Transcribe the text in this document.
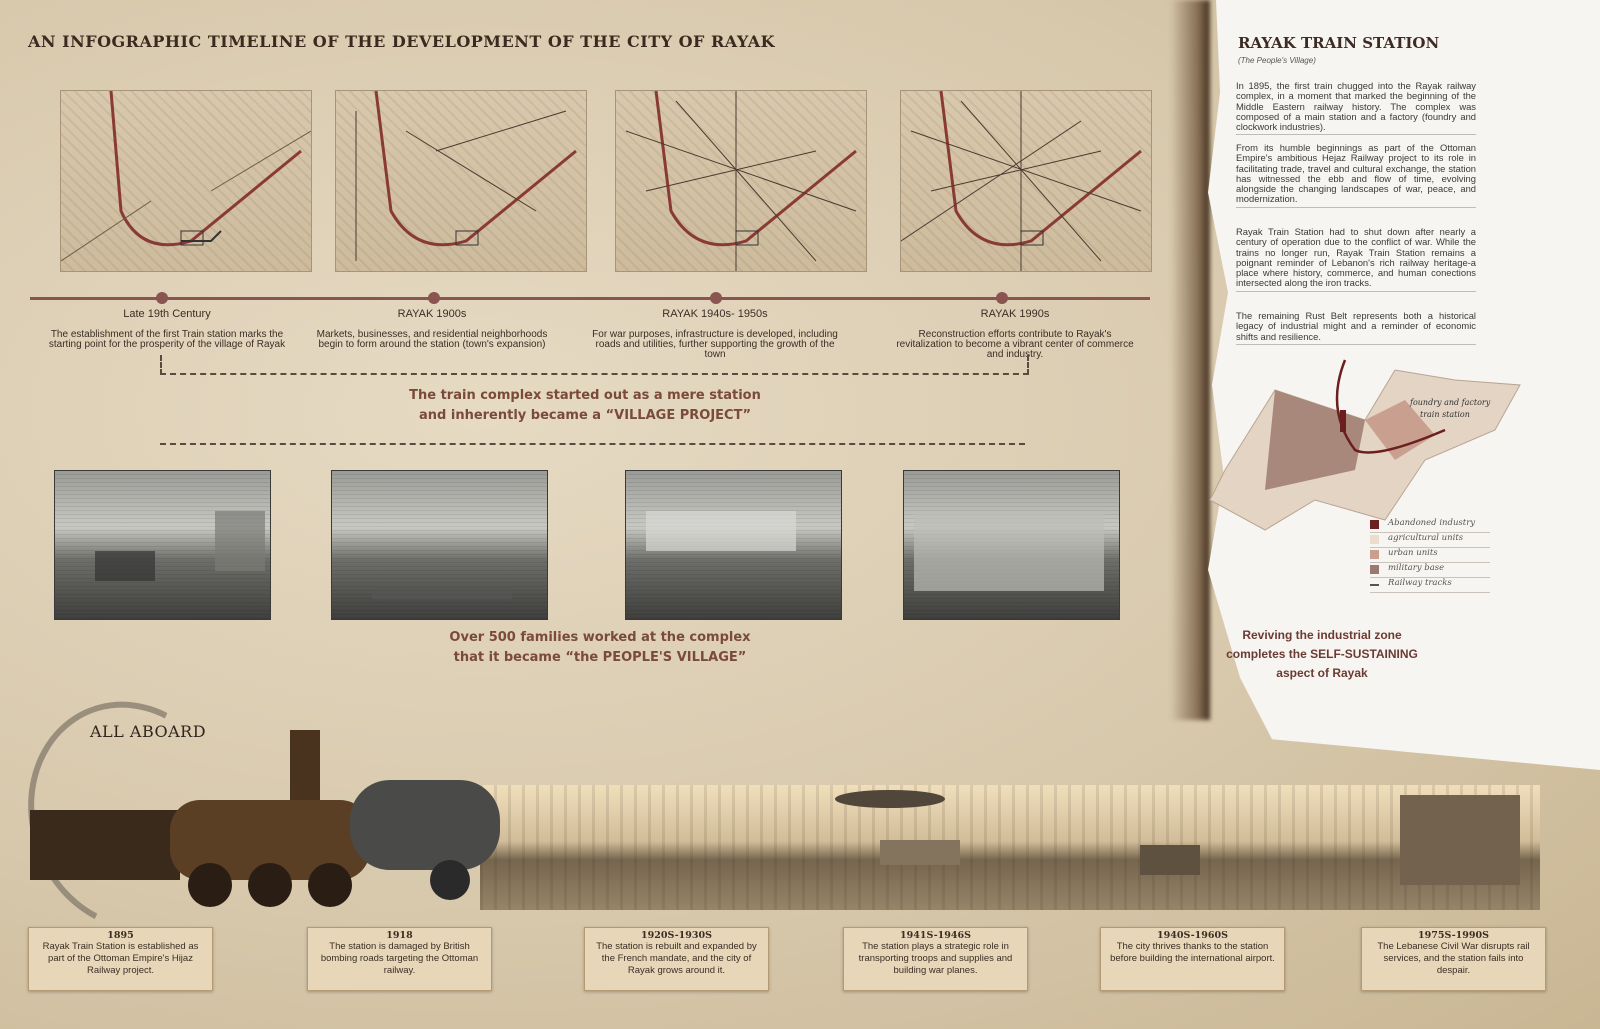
AN INFOGRAPHIC TIMELINE OF THE DEVELOPMENT OF THE CITY OF RAYAK
Late 19th Century
The establishment of the first Train station marks the starting point for the prosperity of the village of Rayak
RAYAK 1900s
Markets, businesses, and residential neighborhoods begin to form around the station (town's expansion)
RAYAK 1940s- 1950s
For war purposes, infrastructure is developed, including roads and utilities, further supporting the growth of the town
RAYAK 1990s
Reconstruction efforts contribute to Rayak's revitalization to become a vibrant center of commerce and industry.
The train complex started out as a mere station
and inherently became a “VILLAGE PROJECT”
Over 500 families worked at the complex
that it became “the PEOPLE'S VILLAGE”
RAYAK TRAIN STATION
(The People's Village)

In 1895, the first train chugged into the Rayak railway complex, in a moment that marked the beginning of the Middle Eastern railway history. The complex was composed of a main station and a factory (foundry and clockwork industries).

From its humble beginnings as part of the Ottoman Empire's ambitious Hejaz Railway project to its role in facilitating trade, travel and cultural exchange, the station has witnessed the ebb and flow of time, evolving alongside the changing landscapes of war, peace, and modernization.

Rayak Train Station had to shut down after nearly a century of operation due to the conflict of war. While the trains no longer run, Rayak Train Station remains a poignant reminder of Lebanon's rich railway heritage-a place where history, commerce, and human conections intersected along the iron tracks.

The remaining Rust Belt represents both a historical legacy of industrial might and a reminder of economic shifts and resilience.

foundry and factory
train station
Abandoned industry
agricultural units
urban units
military base
Railway tracks
Reviving the industrial zone
completes the SELF-SUSTAINING
aspect of Rayak
ALL ABOARD
1895
Rayak Train Station is established as part of the Ottoman Empire's Hijaz Railway project.
1918
The station is damaged by British bombing roads targeting the Ottoman railway.
1920S-1930S
The station is rebuilt and expanded by the French mandate, and the city of Rayak grows around it.
1941S-1946S
The station plays a strategic role in transporting troops and supplies and building war planes.
1940S-1960S
The city thrives thanks to the station before building the international airport.
1975S-1990S
The Lebanese Civil War disrupts rail services, and the station fails into despair.
